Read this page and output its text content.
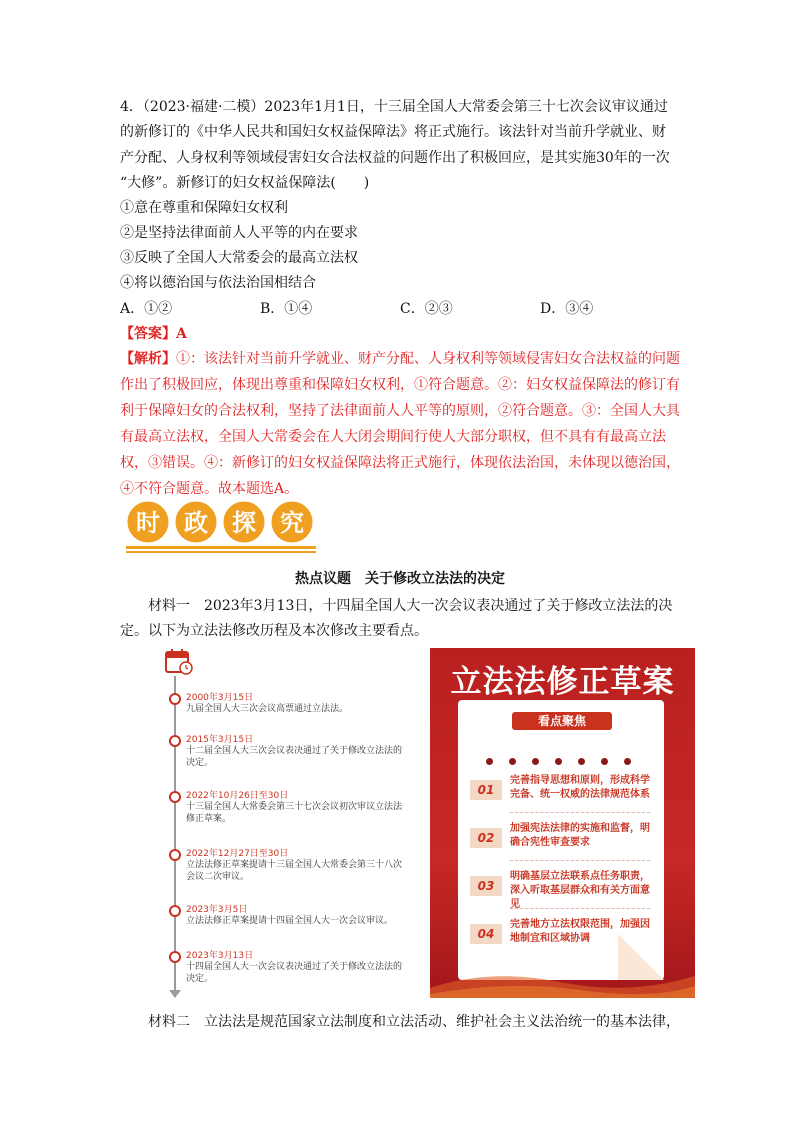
4．（2023·福建·二模）2023年1月1日，十三届全国人大常委会第三十七次会议审议通过
的新修订的《中华人民共和国妇女权益保障法》将正式施行。该法针对当前升学就业、财
产分配、人身权利等领域侵害妇女合法权益的问题作出了积极回应，是其实施30年的一次
“大修”。新修订的妇女权益保障法(　　)
①意在尊重和保障妇女权利
②是坚持法律面前人人平等的内在要求
③反映了全国人大常委会的最高立法权
④将以德治国与依法治国相结合
A．①②	B．①④	C．②③	D．③④
【答案】A
【解析】①：该法针对当前升学就业、财产分配、人身权利等领域侵害妇女合法权益的问题作出了积极回应，体现出尊重和保障妇女权利，①符合题意。②：妇女权益保障法的修订有利于保障妇女的合法权利，坚持了法律面前人人平等的原则，②符合题意。③：全国人大具有最高立法权，全国人大常委会在人大闭会期间行使人大部分职权，但不具有有最高立法权，③错误。④：新修订的妇女权益保障法将正式施行，体现依法治国，未体现以德治国，④不符合题意。故本题选A。
时 政 探 究
热点议题　关于修改立法法的决定
材料一　2023年3月13日，十四届全国人大一次会议表决通过了关于修改立法法的决定。以下为立法法修改历程及本次修改主要看点。
2000年3月15日
九届全国人大三次会议高票通过立法法。
2015年3月15日
十二届全国人大三次会议表决通过了关于修改立法法的决定。
2022年10月26日至30日
十三届全国人大常委会第三十七次会议初次审议立法法修正草案。
2022年12月27日至30日
立法法修正草案提请十三届全国人大常委会第三十八次会议二次审议。
2023年3月5日
立法法修正草案提请十四届全国人大一次会议审议。
2023年3月13日
十四届全国人大一次会议表决通过了关于修改立法法的决定。
立法法修正草案
看点聚焦
01
完善指导思想和原则，形成科学完备、统一权威的法律规范体系
02
加强宪法法律的实施和监督，明确合宪性审查要求
03
明确基层立法联系点任务职责，深入听取基层群众和有关方面意见
04
完善地方立法权限范围，加强因地制宜和区域协调
材料二　立法法是规范国家立法制度和立法活动、维护社会主义法治统一的基本法律，
